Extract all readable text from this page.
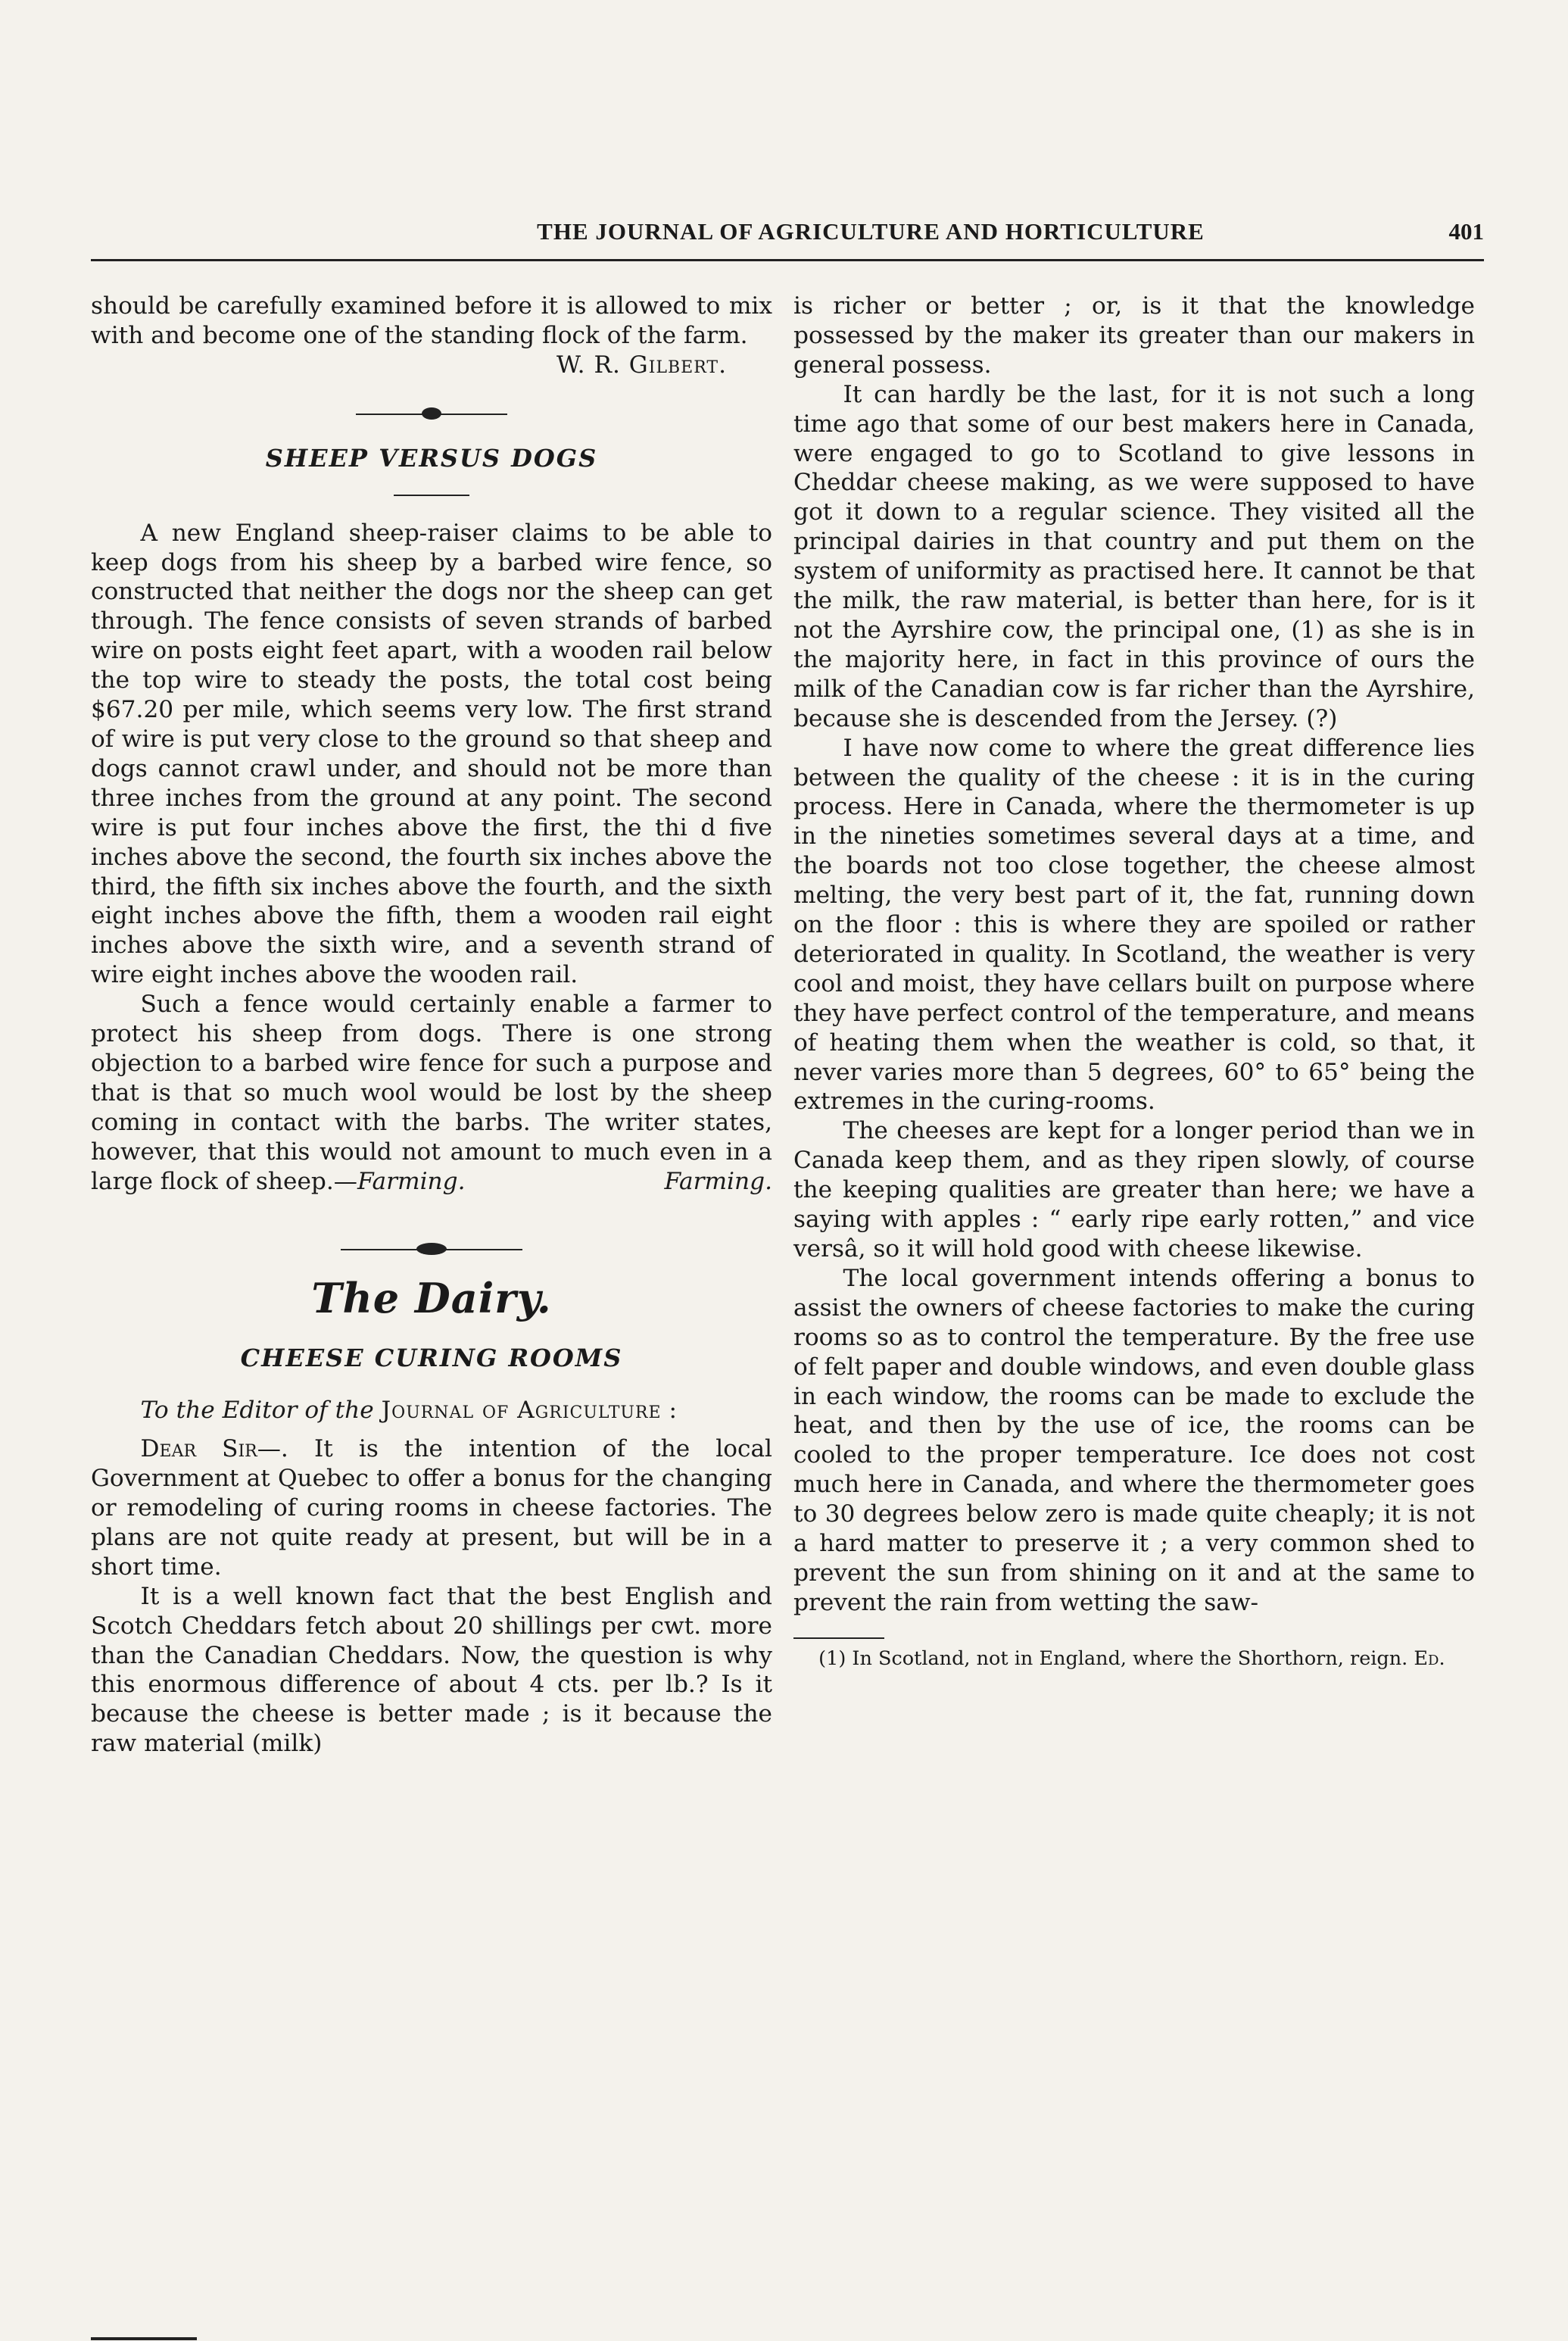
THE JOURNAL OF AGRICULTURE AND HORTICULTURE	401

should be carefully examined before it is allowed to mix with and become one of the standing flock of the farm.

W. R. Gilbert.
SHEEP VERSUS DOGS

A new England sheep-raiser claims to be able to keep dogs from his sheep by a barbed wire fence, so constructed that neither the dogs nor the sheep can get through. The fence consists of seven strands of barbed wire on posts eight feet apart, with a wooden rail below the top wire to steady the posts, the total cost being $67.20 per mile, which seems very low. The first strand of wire is put very close to the ground so that sheep and dogs cannot crawl under, and should not be more than three inches from the ground at any point. The second wire is put four inches above the first, the thi d five inches above the second, the fourth six inches above the third, the fifth six inches above the fourth, and the sixth eight inches above the fifth, them a wooden rail eight inches above the sixth wire, and a seventh strand of wire eight inches above the wooden rail.

Such a fence would certainly enable a farmer to protect his sheep from dogs. There is one strong objection to a barbed wire fence for such a purpose and that is that so much wool would be lost by the sheep coming in contact with the barbs. The writer states, however, that this would not amount to much even in a large flock of sheep.—Farming.	Farming.

The Dairy.
CHEESE CURING ROOMS

To the Editor of the Journal of Agriculture :

Dear Sir—. It is the intention of the local Government at Quebec to offer a bonus for the changing or remodeling of curing rooms in cheese factories. The plans are not quite ready at present, but will be in a short time.

It is a well known fact that the best English and Scotch Cheddars fetch about 20 shillings per cwt. more than the Canadian Cheddars. Now, the question is why this enormous difference of about 4 cts. per lb.? Is it because the cheese is better made ; is it because the raw material (milk)

is richer or better ; or, is it that the knowledge possessed by the maker its greater than our makers in general possess.

It can hardly be the last, for it is not such a long time ago that some of our best makers here in Canada, were engaged to go to Scotland to give lessons in Cheddar cheese making, as we were supposed to have got it down to a regular science. They visited all the principal dairies in that country and put them on the system of uniformity as practised here. It cannot be that the milk, the raw material, is better than here, for is it not the Ayrshire cow, the principal one, (1) as she is in the majority here, in fact in this province of ours the milk of the Canadian cow is far richer than the Ayrshire, because she is descended from the Jersey. (?)

I have now come to where the great difference lies between the quality of the cheese : it is in the curing process. Here in Canada, where the thermometer is up in the nineties sometimes several days at a time, and the boards not too close together, the cheese almost melting, the very best part of it, the fat, running down on the floor : this is where they are spoiled or rather deteriorated in quality. In Scotland, the weather is very cool and moist, they have cellars built on purpose where they have perfect control of the temperature, and means of heating them when the weather is cold, so that, it never varies more than 5 degrees, 60° to 65° being the extremes in the curing-rooms.

The cheeses are kept for a longer period than we in Canada keep them, and as they ripen slowly, of course the keeping qualities are greater than here; we have a saying with apples : “ early ripe early rotten,” and vice versâ, so it will hold good with cheese likewise.

The local government intends offering a bonus to assist the owners of cheese factories to make the curing rooms so as to control the temperature. By the free use of felt paper and double windows, and even double glass in each window, the rooms can be made to exclude the heat, and then by the use of ice, the rooms can be cooled to the proper temperature. Ice does not cost much here in Canada, and where the thermometer goes to 30 degrees below zero is made quite cheaply; it is not a hard matter to preserve it ; a very common shed to prevent the sun from shining on it and at the same to prevent the rain from wetting the saw-

(1) In Scotland, not in England, where the Shorthorn, reign. Ed.
